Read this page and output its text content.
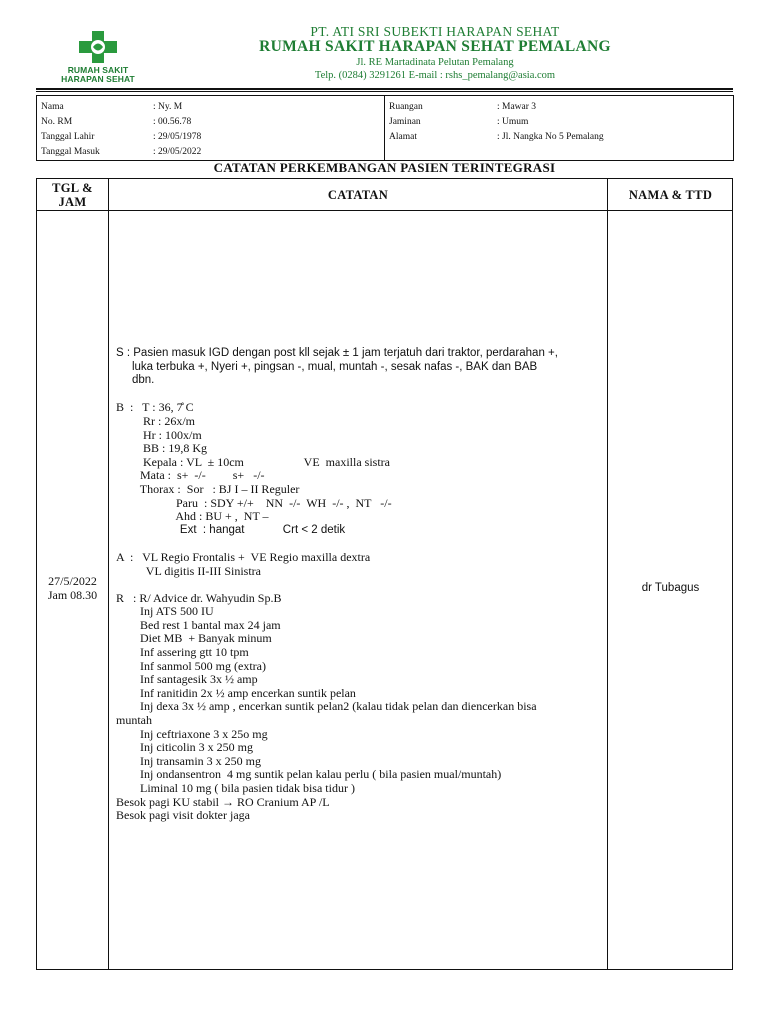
RUMAH SAKIT
HARAPAN SEHAT
PT. ATI SRI SUBEKTI HARAPAN SEHAT
RUMAH SAKIT HARAPAN SEHAT PEMALANG
Jl. RE Martadinata Pelutan Pemalang
Telp. (0284) 3291261 E-mail : rshs_pemalang@asia.com
Nama	: Ny. M
No. RM	: 00.56.78
Tanggal Lahir	: 29/05/1978
Tanggal Masuk	: 29/05/2022
Ruangan	: Mawar 3
Jaminan	: Umum
Alamat	: Jl. Nangka No 5 Pemalang
CATATAN PERKEMBANGAN PASIEN TERINTEGRASI
TGL & JAM	CATATAN	NAMA & TTD
27/5/2022
Jam 08.30
S : Pasien masuk IGD dengan post kll sejak ± 1 jam terjatuh dari traktor, perdarahan +,
luka terbuka +, Nyeri +, pingsan -, mual, muntah -, sesak nafas -, BAK dan BAB
dbn.
B  :   T : 36, 7̊ C
Rr : 26x/m
Hr : 100x/m
BB : 19,8 Kg
Kepala : VL  ± 10cm                    VE  maxilla sistra
Mata :  s+  -/-         s+   -/-
Thorax :  Sor   : BJ I – II Reguler
Paru  : SDY +/+    NN  -/-  WH  -/- ,  NT   -/-
Ahd : BU + ,  NT –
Ext  : hangat            Crt < 2 detik
A  :   VL Regio Frontalis +  VE Regio maxilla dextra
VL digitis II-III Sinistra
R   : R/ Advice dr. Wahyudin Sp.B
Inj ATS 500 IU
Bed rest 1 bantal max 24 jam
Diet MB  + Banyak minum
Inf assering gtt 10 tpm
Inf sanmol 500 mg (extra)
Inf santagesik 3x ½ amp
Inf ranitidin 2x ½ amp encerkan suntik pelan
Inj dexa 3x ½ amp , encerkan suntik pelan2 (kalau tidak pelan dan diencerkan bisa
muntah
Inj ceftriaxone 3 x 25o mg
Inj citicolin 3 x 250 mg
Inj transamin 3 x 250 mg
Inj ondansentron  4 mg suntik pelan kalau perlu ( bila pasien mual/muntah)
Liminal 10 mg ( bila pasien tidak bisa tidur )
Besok pagi KU stabil → RO Cranium AP /L
Besok pagi visit dokter jaga
dr Tubagus
